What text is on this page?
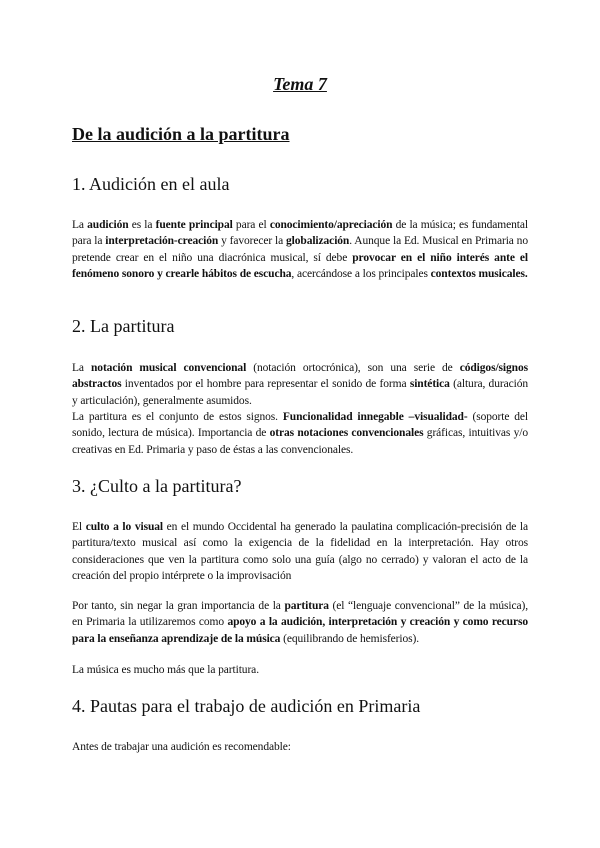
Tema 7
De la audición a la partitura
1. Audición en el aula

La audición es la fuente principal para el conocimiento/apreciación de la música; es fundamental para la interpretación-creación y favorecer la globalización. Aunque la Ed. Musical en Primaria no pretende crear en el niño una diacrónica musical, sí debe provocar en el niño interés ante el fenómeno sonoro y crearle hábitos de escucha, acercándose a los principales contextos musicales.

2. La partitura

La notación musical convencional (notación ortocrónica), son una serie de códigos/signos abstractos inventados por el hombre para representar el sonido de forma sintética (altura, duración y articulación), generalmente asumidos.

La partitura es el conjunto de estos signos. Funcionalidad innegable –visualidad- (soporte del sonido, lectura de música). Importancia de otras notaciones convencionales gráficas, intuitivas y/o creativas en Ed. Primaria y paso de éstas a las convencionales.

3. ¿Culto a la partitura?

El culto a lo visual en el mundo Occidental ha generado la paulatina complicación-precisión de la partitura/texto musical así como la exigencia de la fidelidad en la interpretación. Hay otros consideraciones que ven la partitura como solo una guía (algo no cerrado) y valoran el acto de la creación del propio intérprete o la improvisación

Por tanto, sin negar la gran importancia de la partitura (el “lenguaje convencional” de la música), en Primaria la utilizaremos como apoyo a la audición, interpretación y creación y como recurso para la enseñanza aprendizaje de la música (equilibrando de hemisferios).

La música es mucho más que la partitura.

4. Pautas para el trabajo de audición en Primaria

Antes de trabajar una audición es recomendable:
